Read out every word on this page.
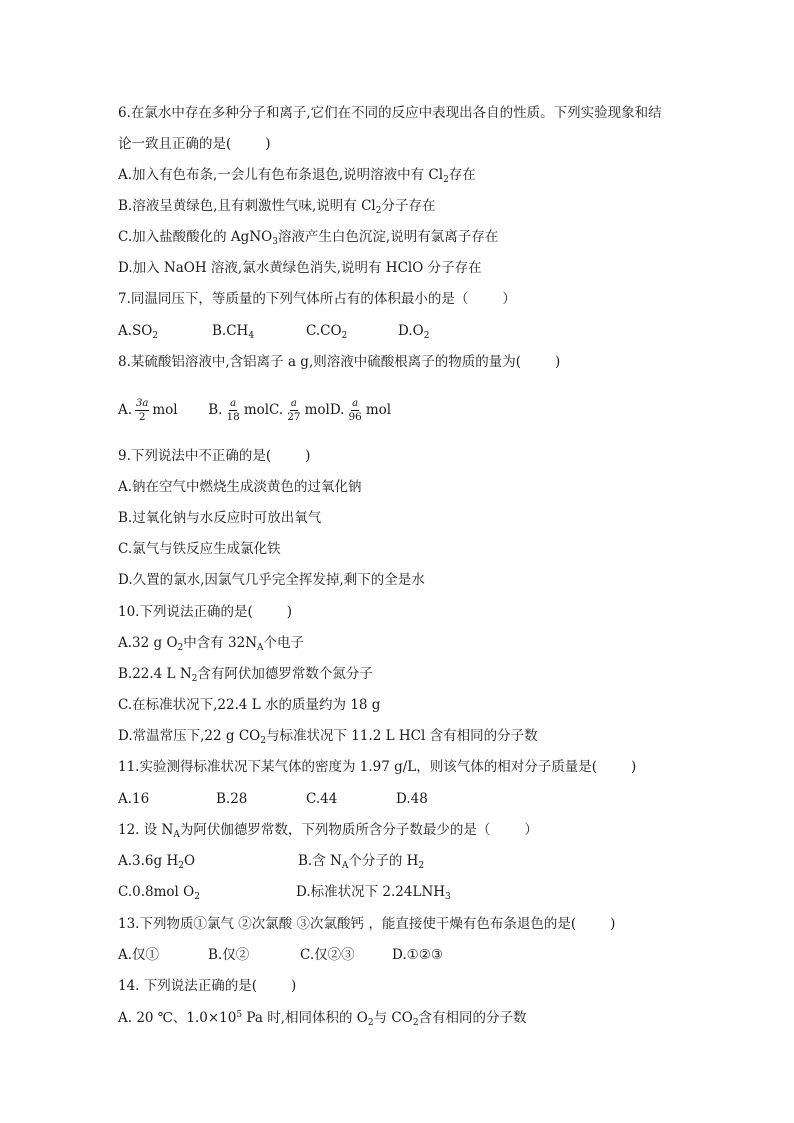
6.在氯水中存在多种分子和离子,它们在不同的反应中表现出各自的性质。下列实验现象和结
论一致且正确的是(	)
A.加入有色布条,一会儿有色布条退色,说明溶液中有 $Cl_2$存在
B.溶液呈黄绿色,且有刺激性气味,说明有 $Cl_2$分子存在
C.加入盐酸酸化的 AgNO$_3$溶液产生白色沉淀,说明有氯离子存在
D.加入 NaOH 溶液,氯水黄绿色消失,说明有 HClO 分子存在
7.同温同压下，等质量的下列气体所占有的体积最小的是（	）
$A.SO_2$	$B.CH_4$	$C.CO_2$	$D.O_2$
8.某硫酸铝溶液中,含铝离子 a g,则溶液中硫酸根离子的物质的量为(	)
A. $\frac{3a}{2}$ mol B. $\frac{a}{18}$ molC. $\frac{a}{27}$ molD. $\frac{a}{96}$ mol
9.下列说法中不正确的是(	)
A.钠在空气中燃烧生成淡黄色的过氧化钠
B.过氧化钠与水反应时可放出氧气
C.氯气与铁反应生成氯化铁
D.久置的氯水,因氯气几乎完全挥发掉,剩下的全是水
10.下列说法正确的是(	)
A.32 g $O_2$中含有 $32N_A$个电子
B.22.4 L $N_2$含有阿伏加德罗常数个氮分子
C.在标准状况下,22.4 L 水的质量约为 18 g
D.常温常压下,22 g $CO_2$与标准状况下 11.2 L HCl 含有相同的分子数
11.实验测得标准状况下某气体的密度为 1.97 g/L，则该气体的相对分子质量是(	)
A.16	B.28	C.44	D.48
12. 设 $N_A$为阿伏伽德罗常数，下列物质所含分子数最少的是（	）
A.3.6g $H_2O$	B.含 $N_A$个分子的 $H_2$
C.0.8mol $O_2$	D.标准状况下 $2.24LNH_3$
13.下列物质①氯气 ②次氯酸 ③次氯酸钙 ，能直接使干燥有色布条退色的是(	)
A.仅①	B.仅②	C.仅②③	D.①②③
14. 下列说法正确的是(	)
A. 20 ℃、$1.0\times 10^5$ Pa 时,相同体积的 $O_2$与 $CO_2$含有相同的分子数
